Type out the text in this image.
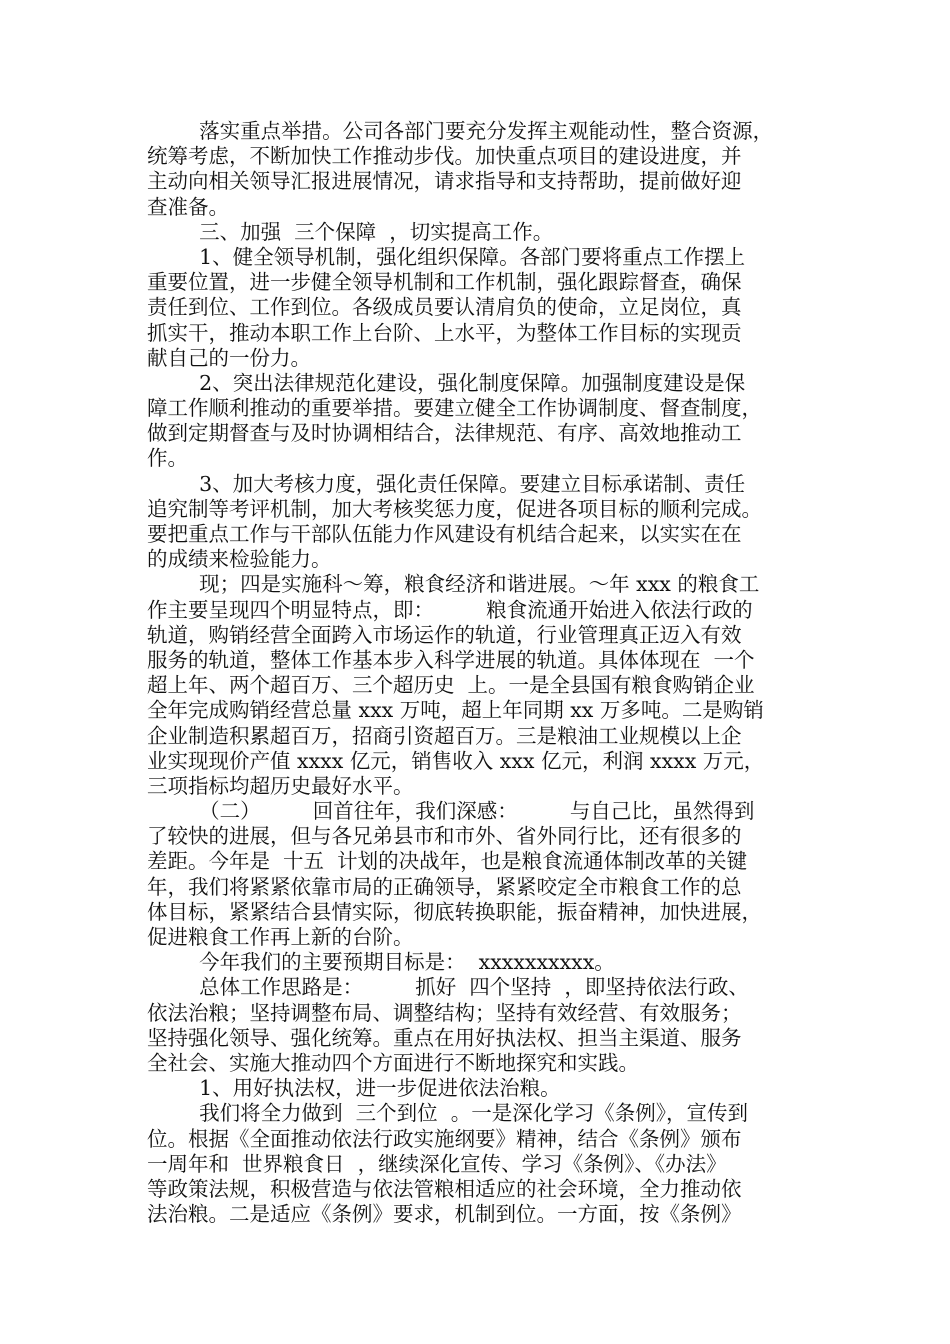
落实重点举措。公司各部门要充分发挥主观能动性，整合资源，
统筹考虑，不断加快工作推动步伐。加快重点项目的建设进度，并
主动向相关领导汇报进展情况，请求指导和支持帮助，提前做好迎
查准备。
三、加强  三个保障  ，切实提高工作。
1、健全领导机制，强化组织保障。各部门要将重点工作摆上
重要位置，进一步健全领导机制和工作机制，强化跟踪督查，确保
责任到位、工作到位。各级成员要认清肩负的使命，立足岗位，真
抓实干，推动本职工作上台阶、上水平，为整体工作目标的实现贡
献自己的一份力。
2、突出法律规范化建设，强化制度保障。加强制度建设是保
障工作顺利推动的重要举措。要建立健全工作协调制度、督查制度，
做到定期督查与及时协调相结合，法律规范、有序、高效地推动工
作。
3、加大考核力度，强化责任保障。要建立目标承诺制、责任
追究制等考评机制，加大考核奖惩力度，促进各项目标的顺利完成。
要把重点工作与干部队伍能力作风建设有机结合起来，以实实在在
的成绩来检验能力。
现；四是实施科～筹，粮食经济和谐进展。～年 xxx 的粮食工
作主要呈现四个明显特点，即：        粮食流通开始进入依法行政的
轨道，购销经营全面跨入市场运作的轨道，行业管理真正迈入有效
服务的轨道，整体工作基本步入科学进展的轨道。具体体现在  一个
超上年、两个超百万、三个超历史  上。一是全县国有粮食购销企业
全年完成购销经营总量 xxx 万吨，超上年同期 xx 万多吨。二是购销
企业制造积累超百万，招商引资超百万。三是粮油工业规模以上企
业实现现价产值 xxxx 亿元，销售收入 xxx 亿元，利润 xxxx 万元，
三项指标均超历史最好水平。
（二）        回首往年，我们深感：        与自己比，虽然得到
了较快的进展，但与各兄弟县市和市外、省外同行比，还有很多的
差距。今年是  十五  计划的决战年，也是粮食流通体制改革的关键
年，我们将紧紧依靠市局的正确领导，紧紧咬定全市粮食工作的总
体目标，紧紧结合县情实际，彻底转换职能，振奋精神，加快进展，
促进粮食工作再上新的台阶。
今年我们的主要预期目标是：  xxxxxxxxxx。
总体工作思路是：        抓好  四个坚持  ，即坚持依法行政、
依法治粮；坚持调整布局、调整结构；坚持有效经营、有效服务；
坚持强化领导、强化统筹。重点在用好执法权、担当主渠道、服务
全社会、实施大推动四个方面进行不断地探究和实践。
1、用好执法权，进一步促进依法治粮。
我们将全力做到  三个到位  。一是深化学习《条例》，宣传到
位。根据《全面推动依法行政实施纲要》精神，结合《条例》颁布
一周年和  世界粮食日  ，继续深化宣传、学习《条例》、《办法》
等政策法规，积极营造与依法管粮相适应的社会环境，全力推动依
法治粮。二是适应《条例》要求，机制到位。一方面，按《条例》
